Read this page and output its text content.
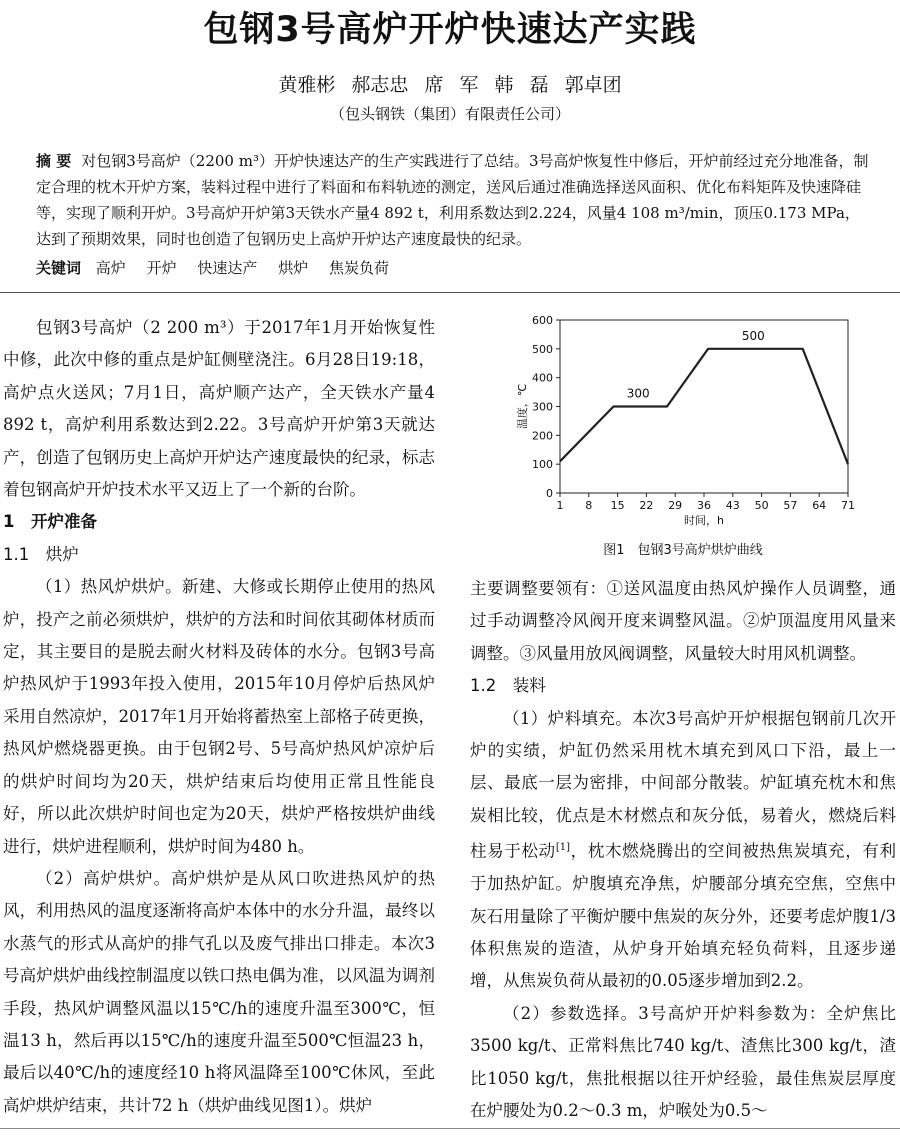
包钢3号高炉开炉快速达产实践
黄雅彬 郝志忠 席 军 韩 磊 郭卓团
（包头钢铁（集团）有限责任公司）
摘 要 对包钢3号高炉（2200 m³）开炉快速达产的生产实践进行了总结。3号高炉恢复性中修后，开炉前经过充分地准备，制定合理的枕木开炉方案，装料过程中进行了料面和布料轨迹的测定，送风后通过准确选择送风面积、优化布料矩阵及快速降硅等，实现了顺利开炉。3号高炉开炉第3天铁水产量4 892 t，利用系数达到2.224，风量4 108 m³/min，顶压0.173 MPa，达到了预期效果，同时也创造了包钢历史上高炉开炉达产速度最快的纪录。
关键词 高炉 开炉 快速达产 烘炉 焦炭负荷

包钢3号高炉（2 200 m³）于2017年1月开始恢复性中修，此次中修的重点是炉缸侧壁浇注。6月28日19:18，高炉点火送风；7月1日，高炉顺产达产，全天铁水产量4 892 t，高炉利用系数达到2.22。3号高炉开炉第3天就达产，创造了包钢历史上高炉开炉达产速度最快的纪录，标志着包钢高炉开炉技术水平又迈上了一个新的台阶。

1　开炉准备

1.1　烘炉

（1）热风炉烘炉。新建、大修或长期停止使用的热风炉，投产之前必须烘炉，烘炉的方法和时间依其砌体材质而定，其主要目的是脱去耐火材料及砖体的水分。包钢3号高炉热风炉于1993年投入使用，2015年10月停炉后热风炉采用自然凉炉，2017年1月开始将蓄热室上部格子砖更换，热风炉燃烧器更换。由于包钢2号、5号高炉热风炉凉炉后的烘炉时间均为20天，烘炉结束后均使用正常且性能良好，所以此次烘炉时间也定为20天，烘炉严格按烘炉曲线进行，烘炉进程顺利，烘炉时间为480 h。

（2）高炉烘炉。高炉烘炉是从风口吹进热风炉的热风，利用热风的温度逐渐将高炉本体中的水分升温，最终以水蒸气的形式从高炉的排气孔以及废气排出口排走。本次3号高炉烘炉曲线控制温度以铁口热电偶为准，以风温为调剂手段，热风炉调整风温以15℃/h的速度升温至300℃，恒温13 h，然后再以15℃/h的速度升温至500℃恒温23 h，最后以40℃/h的速度经10 h将风温降至100℃休风，至此高炉烘炉结束，共计72 h（烘炉曲线见图1）。烘炉

0
100
200
300
400
500
600
1 8 15 22 29 36 43 50 57 64 71
300
500
时间，h
温度，℃
图1　包钢3号高炉烘炉曲线

主要调整要领有：①送风温度由热风炉操作人员调整，通过手动调整冷风阀开度来调整风温。②炉顶温度用风量来调整。③风量用放风阀调整，风量较大时用风机调整。

1.2　装料

（1）炉料填充。本次3号高炉开炉根据包钢前几次开炉的实绩，炉缸仍然采用枕木填充到风口下沿，最上一层、最底一层为密排，中间部分散装。炉缸填充枕木和焦炭相比较，优点是木材燃点和灰分低，易着火，燃烧后料柱易于松动[1]，枕木燃烧腾出的空间被热焦炭填充，有利于加热炉缸。炉腹填充净焦，炉腰部分填充空焦，空焦中灰石用量除了平衡炉腰中焦炭的灰分外，还要考虑炉腹1/3体积焦炭的造渣，从炉身开始填充轻负荷料，且逐步递增，从焦炭负荷从最初的0.05逐步增加到2.2。

（2）参数选择。3号高炉开炉料参数为：全炉焦比3500 kg/t、正常料焦比740 kg/t、渣焦比300 kg/t，渣比1050 kg/t，焦批根据以往开炉经验，最佳焦炭层厚度在炉腰处为0.2～0.3 m，炉喉处为0.5～
